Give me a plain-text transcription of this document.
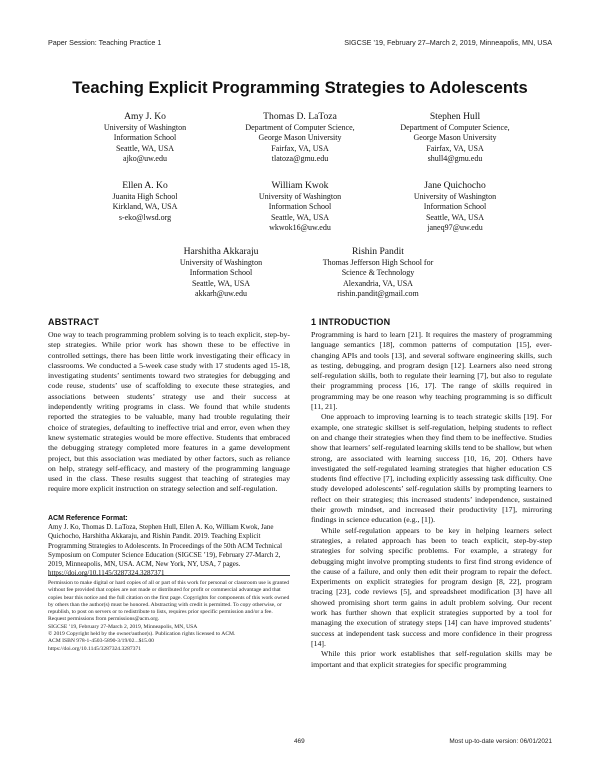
Paper Session: Teaching Practice 1	SIGCSE ’19, February 27–March 2, 2019, Minneapolis, MN, USA
Teaching Explicit Programming Strategies to Adolescents
Amy J. Ko
University of Washington
Information School
Seattle, WA, USA
ajko@uw.edu
Thomas D. LaToza
Department of Computer Science,
George Mason University
Fairfax, VA, USA
tlatoza@gmu.edu
Stephen Hull
Department of Computer Science,
George Mason University
Fairfax, VA, USA
shull4@gmu.edu
Ellen A. Ko
Juanita High School
Kirkland, WA, USA
s-eko@lwsd.org
William Kwok
University of Washington
Information School
Seattle, WA, USA
wkwok16@uw.edu
Jane Quichocho
University of Washington
Information School
Seattle, WA, USA
janeq97@uw.edu
Harshitha Akkaraju
University of Washington
Information School
Seattle, WA, USA
akkarh@uw.edu
Rishin Pandit
Thomas Jefferson High School for
Science & Technology
Alexandria, VA, USA
rishin.pandit@gmail.com
ABSTRACT

One way to teach programming problem solving is to teach explicit, step-by-step strategies. While prior work has shown these to be effective in controlled settings, there has been little work investigating their efficacy in classrooms. We conducted a 5-week case study with 17 students aged 15-18, investigating students’ sentiments toward two strategies for debugging and code reuse, students’ use of scaffolding to execute these strategies, and associations between students’ strategy use and their success at independently writing programs in class. We found that while students reported the strategies to be valuable, many had trouble regulating their choice of strategies, defaulting to ineffective trial and error, even when they knew systematic strategies would be more effective. Students that embraced the debugging strategy completed more features in a game development project, but this association was mediated by other factors, such as reliance on help, strategy self-efficacy, and mastery of the programming language used in the class. These results suggest that teaching of strategies may require more explicit instruction on strategy selection and self-regulation.

ACM Reference Format:
Amy J. Ko, Thomas D. LaToza, Stephen Hull, Ellen A. Ko, William Kwok, Jane Quichocho, Harshitha Akkaraju, and Rishin Pandit. 2019. Teaching Explicit Programming Strategies to Adolescents. In Proceedings of the 50th ACM Technical Symposium on Computer Science Education (SIGCSE ’19), February 27-March 2, 2019, Minneapolis, MN, USA. ACM, New York, NY, USA, 7 pages. https://doi.org/10.1145/3287324.3287371

Permission to make digital or hard copies of all or part of this work for personal or classroom use is granted without fee provided that copies are not made or distributed for profit or commercial advantage and that copies bear this notice and the full citation on the first page. Copyrights for components of this work owned by others than the author(s) must be honored. Abstracting with credit is permitted. To copy otherwise, or republish, to post on servers or to redistribute to lists, requires prior specific permission and/or a fee. Request permissions from permissions@acm.org.

SIGCSE ’19, February 27-March 2, 2019, Minneapolis, MN, USA

© 2019 Copyright held by the owner/author(s). Publication rights licensed to ACM.

ACM ISBN 978-1-4503-5890-3/19/02...$15.00

https://doi.org/10.1145/3287324.3287371

1 INTRODUCTION

Programming is hard to learn [21]. It requires the mastery of programming language semantics [18], common patterns of computation [15], ever-changing APIs and tools [13], and several software engineering skills, such as testing, debugging, and program design [12]. Learners also need strong self-regulation skills, both to regulate their learning [7], but also to regulate their programming process [16, 17]. The range of skills required in programming may be one reason why teaching programming is so difficult [11, 21].

One approach to improving learning is to teach strategic skills [19]. For example, one strategic skillset is self-regulation, helping students to reflect on and change their strategies when they find them to be ineffective. Studies show that learners’ self-regulated learning skills tend to be shallow, but when strong, are associated with learning success [10, 16, 20]. Others have investigated the self-regulated learning strategies that higher education CS students find effective [7], including explicitly assessing task difficulty. One study developed adolescents’ self-regulation skills by prompting learners to reflect on their strategies; this increased students’ independence, sustained their growth mindset, and increased their productivity [17], mirroring findings in science education (e.g., [1]).

While self-regulation appears to be key in helping learners select strategies, a related approach has been to teach explicit, step-by-step strategies for solving specific problems. For example, a strategy for debugging might involve prompting students to first find strong evidence of the cause of a failure, and only then edit their program to repair the defect. Experiments on explicit strategies for program design [8, 22], program tracing [23], code reviews [5], and spreadsheet modification [3] have all showed promising short term gains in adult problem solving. Our recent work has further shown that explicit strategies supported by a tool for managing the execution of strategy steps [14] can have improved students’ success at independent task success and more confidence in their progress [14].

While this prior work establishes that self-regulation skills may be important and that explicit strategies for specific programming

469	Most up-to-date version: 06/01/2021
